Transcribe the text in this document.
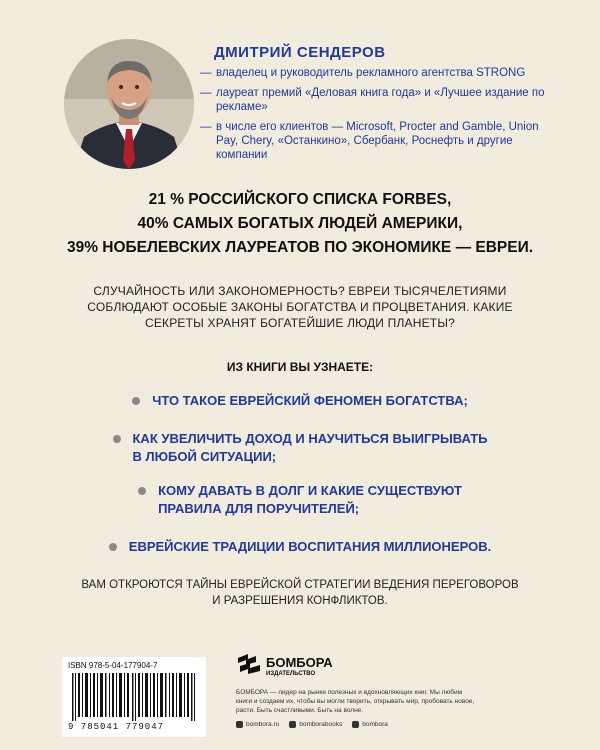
ДМИТРИЙ СЕНДЕРОВ
— владелец и руководитель рекламного агентства STRONG
— лауреат премий «Деловая книга года» и «Лучшее издание по рекламе»
— в числе его клиентов — Microsoft, Procter and Gamble, Union Pay, Chery, «Останкино», Сбербанк, Роснефть и другие компании
21 % РОССИЙСКОГО СПИСКА FORBES,
40% САМЫХ БОГАТЫХ ЛЮДЕЙ АМЕРИКИ,
39% НОБЕЛЕВСКИХ ЛАУРЕАТОВ ПО ЭКОНОМИКЕ — ЕВРЕИ.
СЛУЧАЙНОСТЬ ИЛИ ЗАКОНОМЕРНОСТЬ? ЕВРЕИ ТЫСЯЧЕЛЕТИЯМИ СОБЛЮДАЮТ ОСОБЫЕ ЗАКОНЫ БОГАТСТВА И ПРОЦВЕТАНИЯ. КАКИЕ СЕКРЕТЫ ХРАНЯТ БОГАТЕЙШИЕ ЛЮДИ ПЛАНЕТЫ?
ИЗ КНИГИ ВЫ УЗНАЕТЕ:
ЧТО ТАКОЕ ЕВРЕЙСКИЙ ФЕНОМЕН БОГАТСТВА;
КАК УВЕЛИЧИТЬ ДОХОД И НАУЧИТЬСЯ ВЫИГРЫВАТЬ
В ЛЮБОЙ СИТУАЦИИ;
КОМУ ДАВАТЬ В ДОЛГ И КАКИЕ СУЩЕСТВУЮТ
ПРАВИЛА ДЛЯ ПОРУЧИТЕЛЕЙ;
ЕВРЕЙСКИЕ ТРАДИЦИИ ВОСПИТАНИЯ МИЛЛИОНЕРОВ.
ВАМ ОТКРОЮТСЯ ТАЙНЫ ЕВРЕЙСКОЙ СТРАТЕГИИ ВЕДЕНИЯ ПЕРЕГОВОРОВ И РАЗРЕШЕНИЯ КОНФЛИКТОВ.
ISBN 978-5-04-177904-7
9 785041 779047
БОМБОРА
ИЗДАТЕЛЬСТВО
БОМБОРА — лидер на рынке полезных и вдохновляющих книг. Мы любим книги и создаем их, чтобы вы могли творить, открывать мир, пробовать новое, расти. Быть счастливыми. Быть на волне.
bombora.ru	bomborabooks	bombora
